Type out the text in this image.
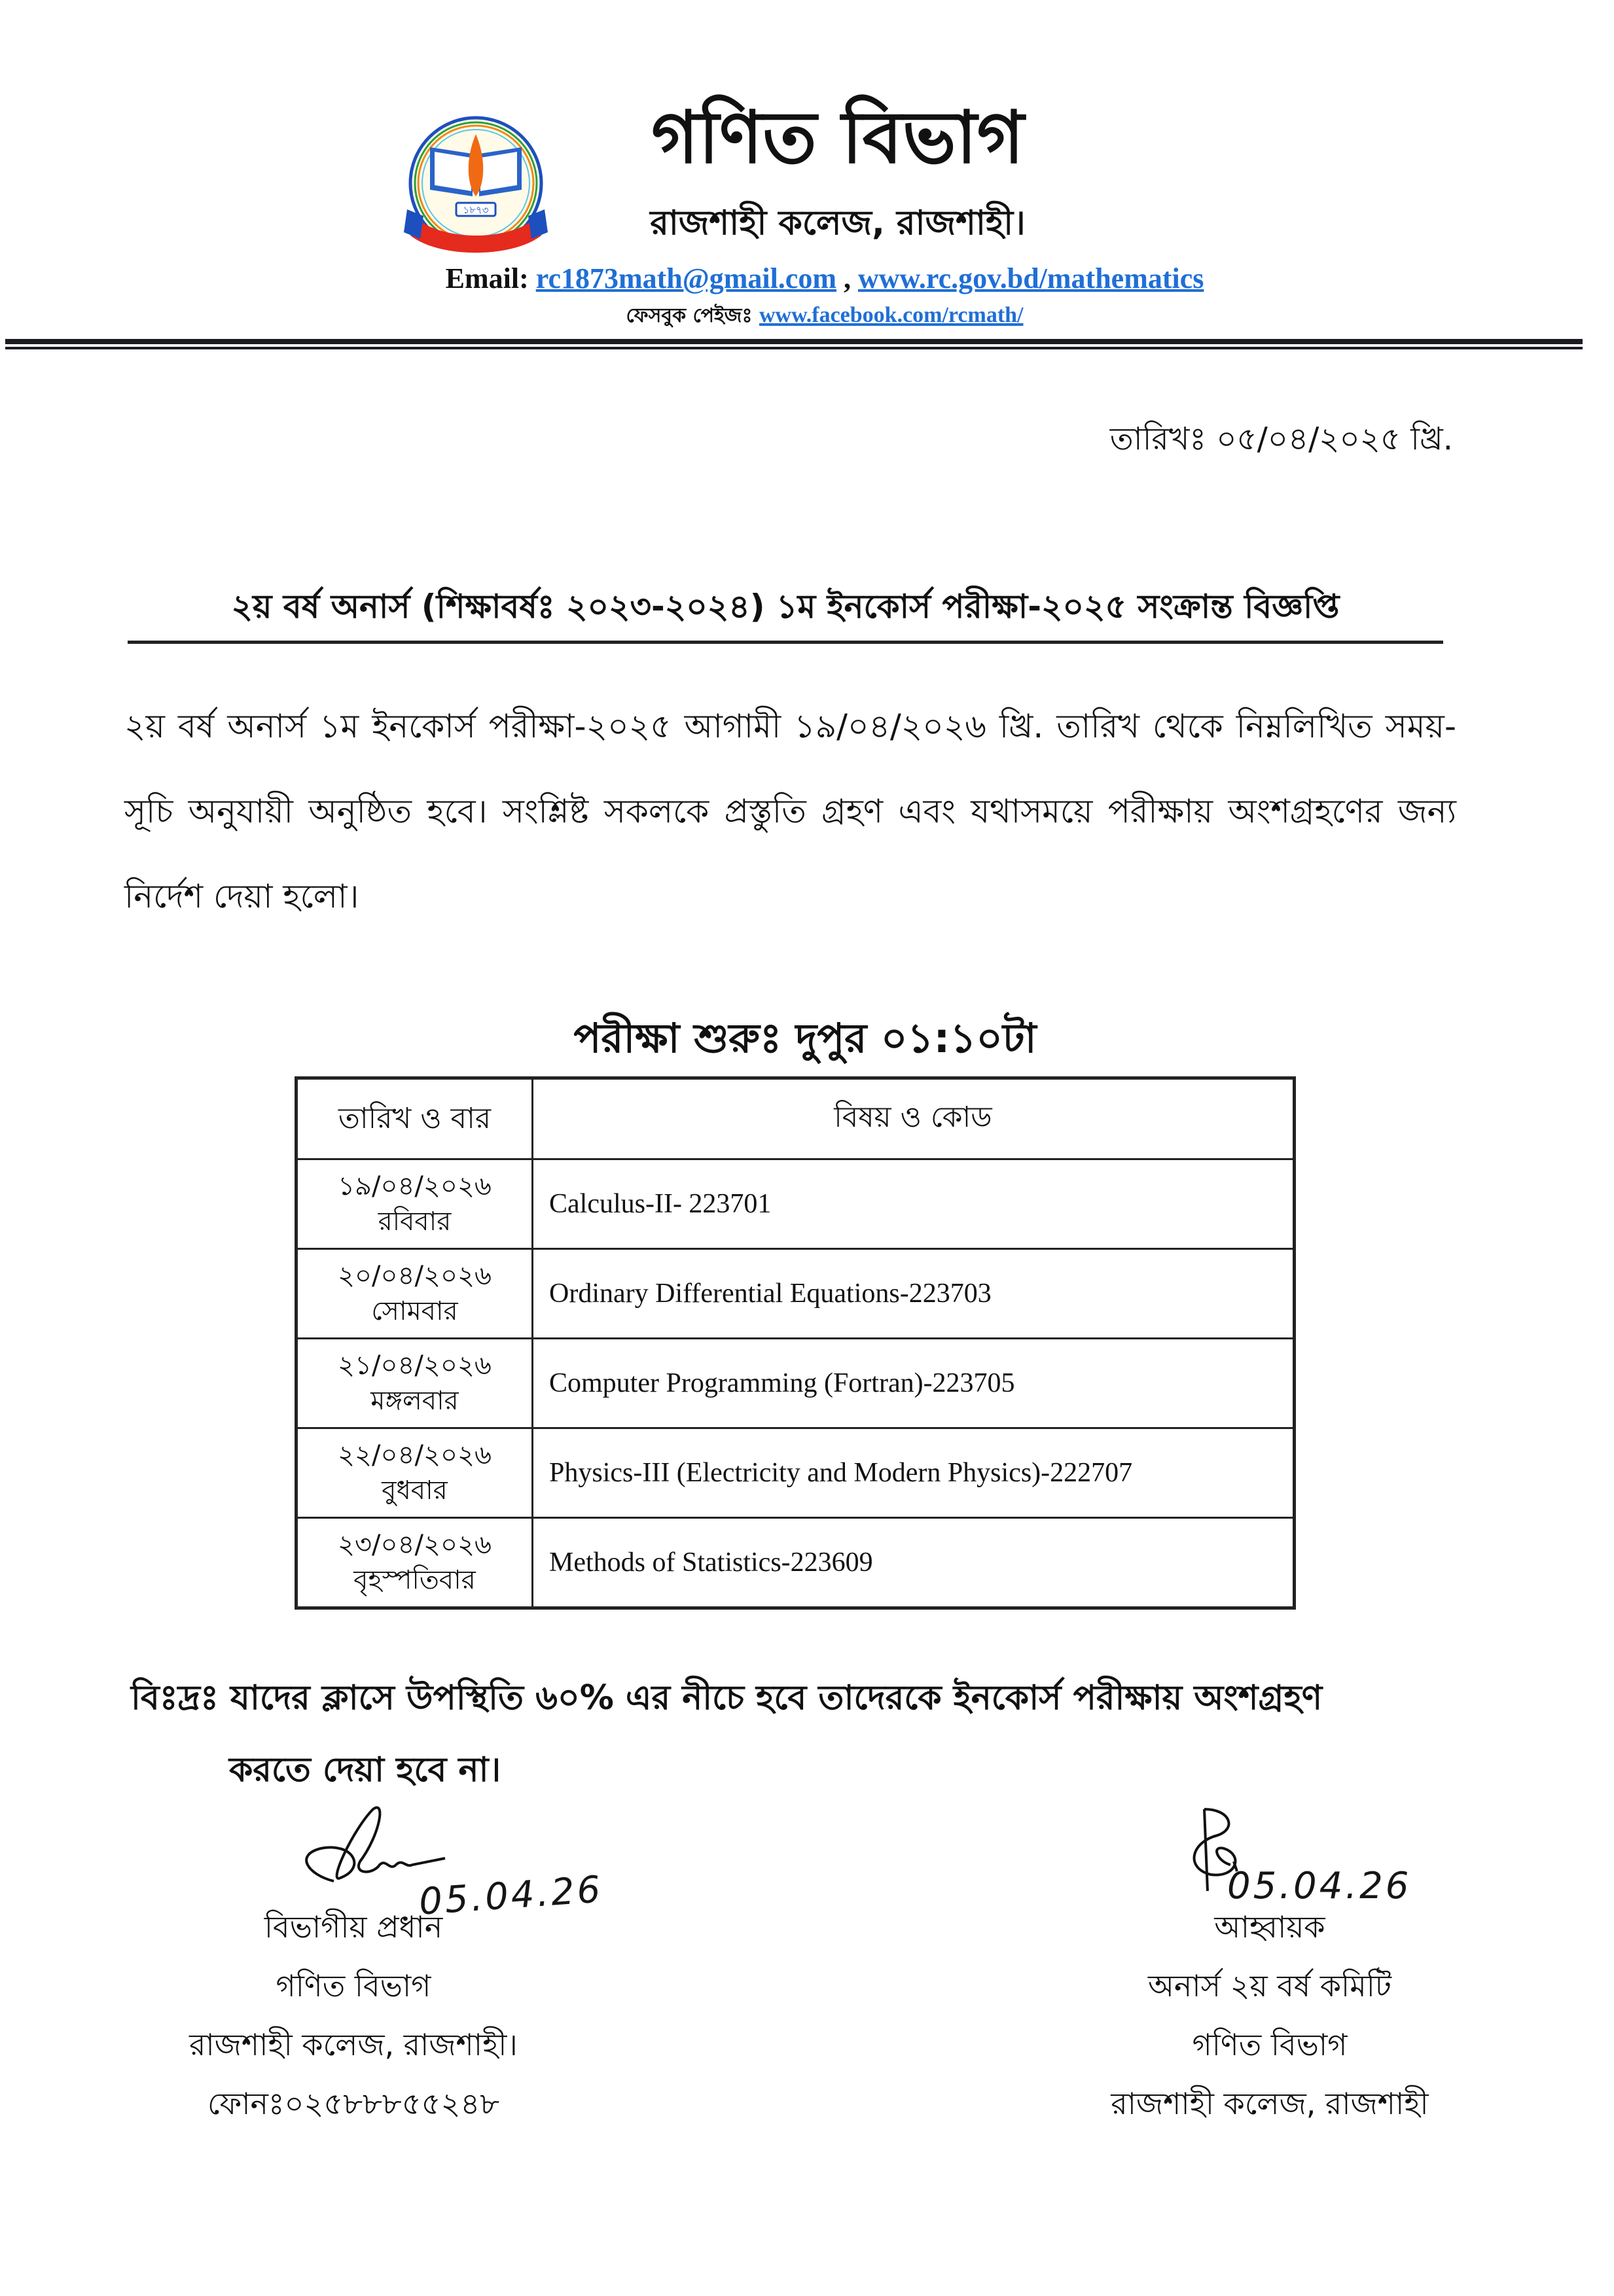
১৮৭৩
গণিত বিভাগ
রাজশাহী কলেজ, রাজশাহী।
Email: rc1873math@gmail.com , www.rc.gov.bd/mathematics
ফেসবুক পেইজঃ www.facebook.com/rcmath/
তারিখঃ ০৫/০৪/২০২৫ খ্রি.
২য় বর্ষ অনার্স (শিক্ষাবর্ষঃ ২০২৩-২০২৪) ১ম ইনকোর্স পরীক্ষা-২০২৫ সংক্রান্ত বিজ্ঞপ্তি
২য় বর্ষ অনার্স ১ম ইনকোর্স পরীক্ষা-২০২৫ আগামী ১৯/০৪/২০২৬ খ্রি. তারিখ থেকে নিম্নলিখিত সময়-সূচি অনুযায়ী অনুষ্ঠিত হবে। সংশ্লিষ্ট সকলকে প্রস্তুতি গ্রহণ এবং যথাসময়ে পরীক্ষায় অংশগ্রহণের জন্য নির্দেশ দেয়া হলো।
পরীক্ষা শুরুঃ দুপুর ০১:১০টা
তারিখ ও বার	বিষয় ও কোড
১৯/০৪/২০২৬
রবিবার	Calculus-II- 223701
২০/০৪/২০২৬
সোমবার	Ordinary Differential Equations-223703
২১/০৪/২০২৬
মঙ্গলবার	Computer Programming (Fortran)-223705
২২/০৪/২০২৬
বুধবার	Physics-III (Electricity and Modern Physics)-222707
২৩/০৪/২০২৬
বৃহস্পতিবার	Methods of Statistics-223609
বিঃদ্রঃ যাদের ক্লাসে উপস্থিতি ৬০% এর নীচে হবে তাদেরকে ইনকোর্স পরীক্ষায় অংশগ্রহণ
করতে দেয়া হবে না।
05.04.26
বিভাগীয় প্রধান
গণিত বিভাগ
রাজশাহী কলেজ, রাজশাহী।
ফোনঃ০২৫৮৮৮৫৫২৪৮
05.04.26
আহ্বায়ক
অনার্স ২য় বর্ষ কমিটি
গণিত বিভাগ
রাজশাহী কলেজ, রাজশাহী
